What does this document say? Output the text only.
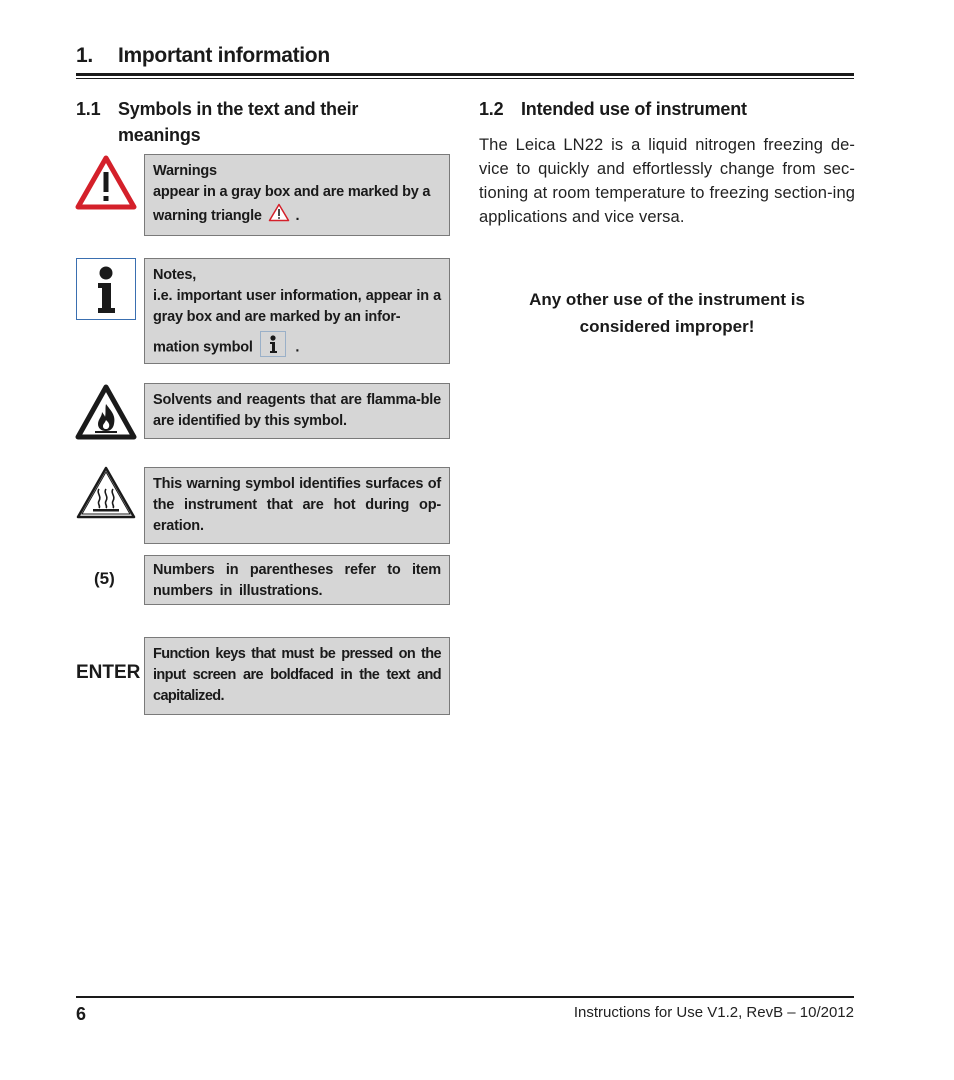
1. Important information
1.1 Symbols in the text and their meanings
Warnings
appear in a gray box and are marked by a warning triangle .
Notes,
i.e. important user information, appear in a gray box and are marked by an infor-
mation symbol	.
Solvents and reagents that are flamma-ble are identified by this symbol.
This warning symbol identifies surfaces of the instrument that are hot during op-eration.
(5)	Numbers in parentheses refer to item numbers in illustrations.
ENTER
Function keys that must be pressed on the input screen are boldfaced in the text and capitalized.
1.2 Intended use of instrument
The Leica LN22 is a liquid nitrogen freezing de-vice to quickly and effortlessly change from sec-tioning at room temperature to freezing section-ing applications and vice versa.
Any other use of the instrument is
considered improper!
6	Instructions for Use V1.2, RevB – 10/2012
